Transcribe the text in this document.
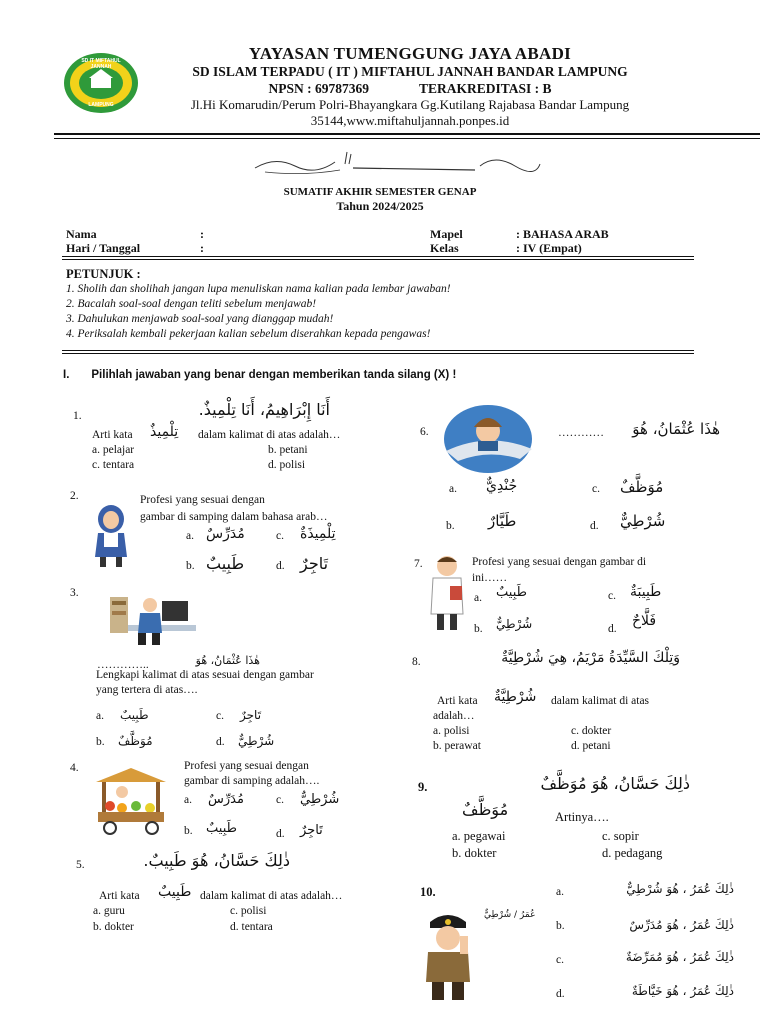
SD IT MIFTAHUL JANNAH
LAMPUNG
YAYASAN TUMENGGUNG JAYA ABADI
SD ISLAM TERPADU ( IT ) MIFTAHUL JANNAH BANDAR LAMPUNG
NPSN : 69787369	TERAKREDITASI : B
Jl.Hi Komarudin/Perum Polri-Bhayangkara Gg.Kutilang Rajabasa Bandar Lampung
35144,www.miftahuljannah.ponpes.id
SUMATIF AKHIR SEMESTER GENAP
Tahun 2024/2025
Nama	:
Hari / Tanggal	:
Mapel	: BAHASA ARAB
Kelas	: IV (Empat)
PETUNJUK :
1. Sholih dan sholihah jangan lupa menuliskan nama kalian pada lembar jawaban!
2. Bacalah soal-soal dengan teliti sebelum menjawab!
3. Dahulukan menjawab soal-soal yang dianggap mudah!
4. Periksalah kembali pekerjaan kalian sebelum diserahkan kepada pengawas!
I. Pilihlah jawaban yang benar dengan memberikan tanda silang (X) !
1.	أَنَا إِبْرَاهِيمُ، أَنَا تِلْمِيذٌ.
Arti kata تِلْمِيذٌ dalam kalimat di atas adalah…
a. pelajar	b. petani
c. tentara	d. polisi
2.	Profesi yang sesuai dengan
gambar di samping dalam bahasa arab…
a. مُدَرِّسٌ	c. تِلْمِيذَةٌ
b. طَبِيبٌ	d. تَاجِرٌ
3.
هٰذَا عُثْمَانُ، هُوَ
…………..
Lengkapi kalimat di atas sesuai dengan gambar
yang tertera di atas….
a. طَبِيبٌ	c. تَاجِرٌ
b. مُوَظَّفٌ	d. شُرْطِيٌّ
4.	Profesi yang sesuai dengan
gambar di samping adalah….
a. مُدَرِّسٌ	c. شُرْطِيٌّ
b. طَبِيبٌ	d. تَاجِرٌ
5.	ذٰلِكَ حَسَّانُ، هُوَ طَبِيبٌ.
Arti kata طَبِيبٌ dalam kalimat di atas adalah…
a. guru	c. polisi
b. dokter	d. tentara
6.	…………	هٰذَا عُثْمَانُ، هُوَ
a. جُنْدِيٌّ	c. مُوَظَّفٌ
b. طَيَّارٌ	d. شُرْطِيٌّ
7.	Profesi yang sesuai dengan gambar di
ini……
a. طَبِيبٌ	c. طَبِيبَةٌ
b. شُرْطِيٌّ	d. فَلَّاحٌ
8.	وَتِلْكَ السَّيِّدَةُ مَرْيَمُ، هِيَ شُرْطِيَّةٌ
Arti kata شُرْطِيَّةٌ dalam kalimat di atas
adalah…
a. polisi	c. dokter
b. perawat	d. petani
9.	ذٰلِكَ حَسَّانُ، هُوَ مُوَظَّفٌ
مُوَظَّفٌ	Artinya….
a. pegawai	c. sopir
b. dokter	d. pedagang
10.
عُمَرُ / شُرْطِيٌّ
a.	ذٰلِكَ عُمَرُ ، هُوَ شُرْطِيٌّ
b.	ذٰلِكَ عُمَرُ ، هُوَ مُدَرِّسٌ
c.	ذٰلِكَ عُمَرُ ، هُوَ مُمَرِّضَةٌ
d.	ذٰلِكَ عُمَرُ ، هُوَ خَيَّاطَةٌ
